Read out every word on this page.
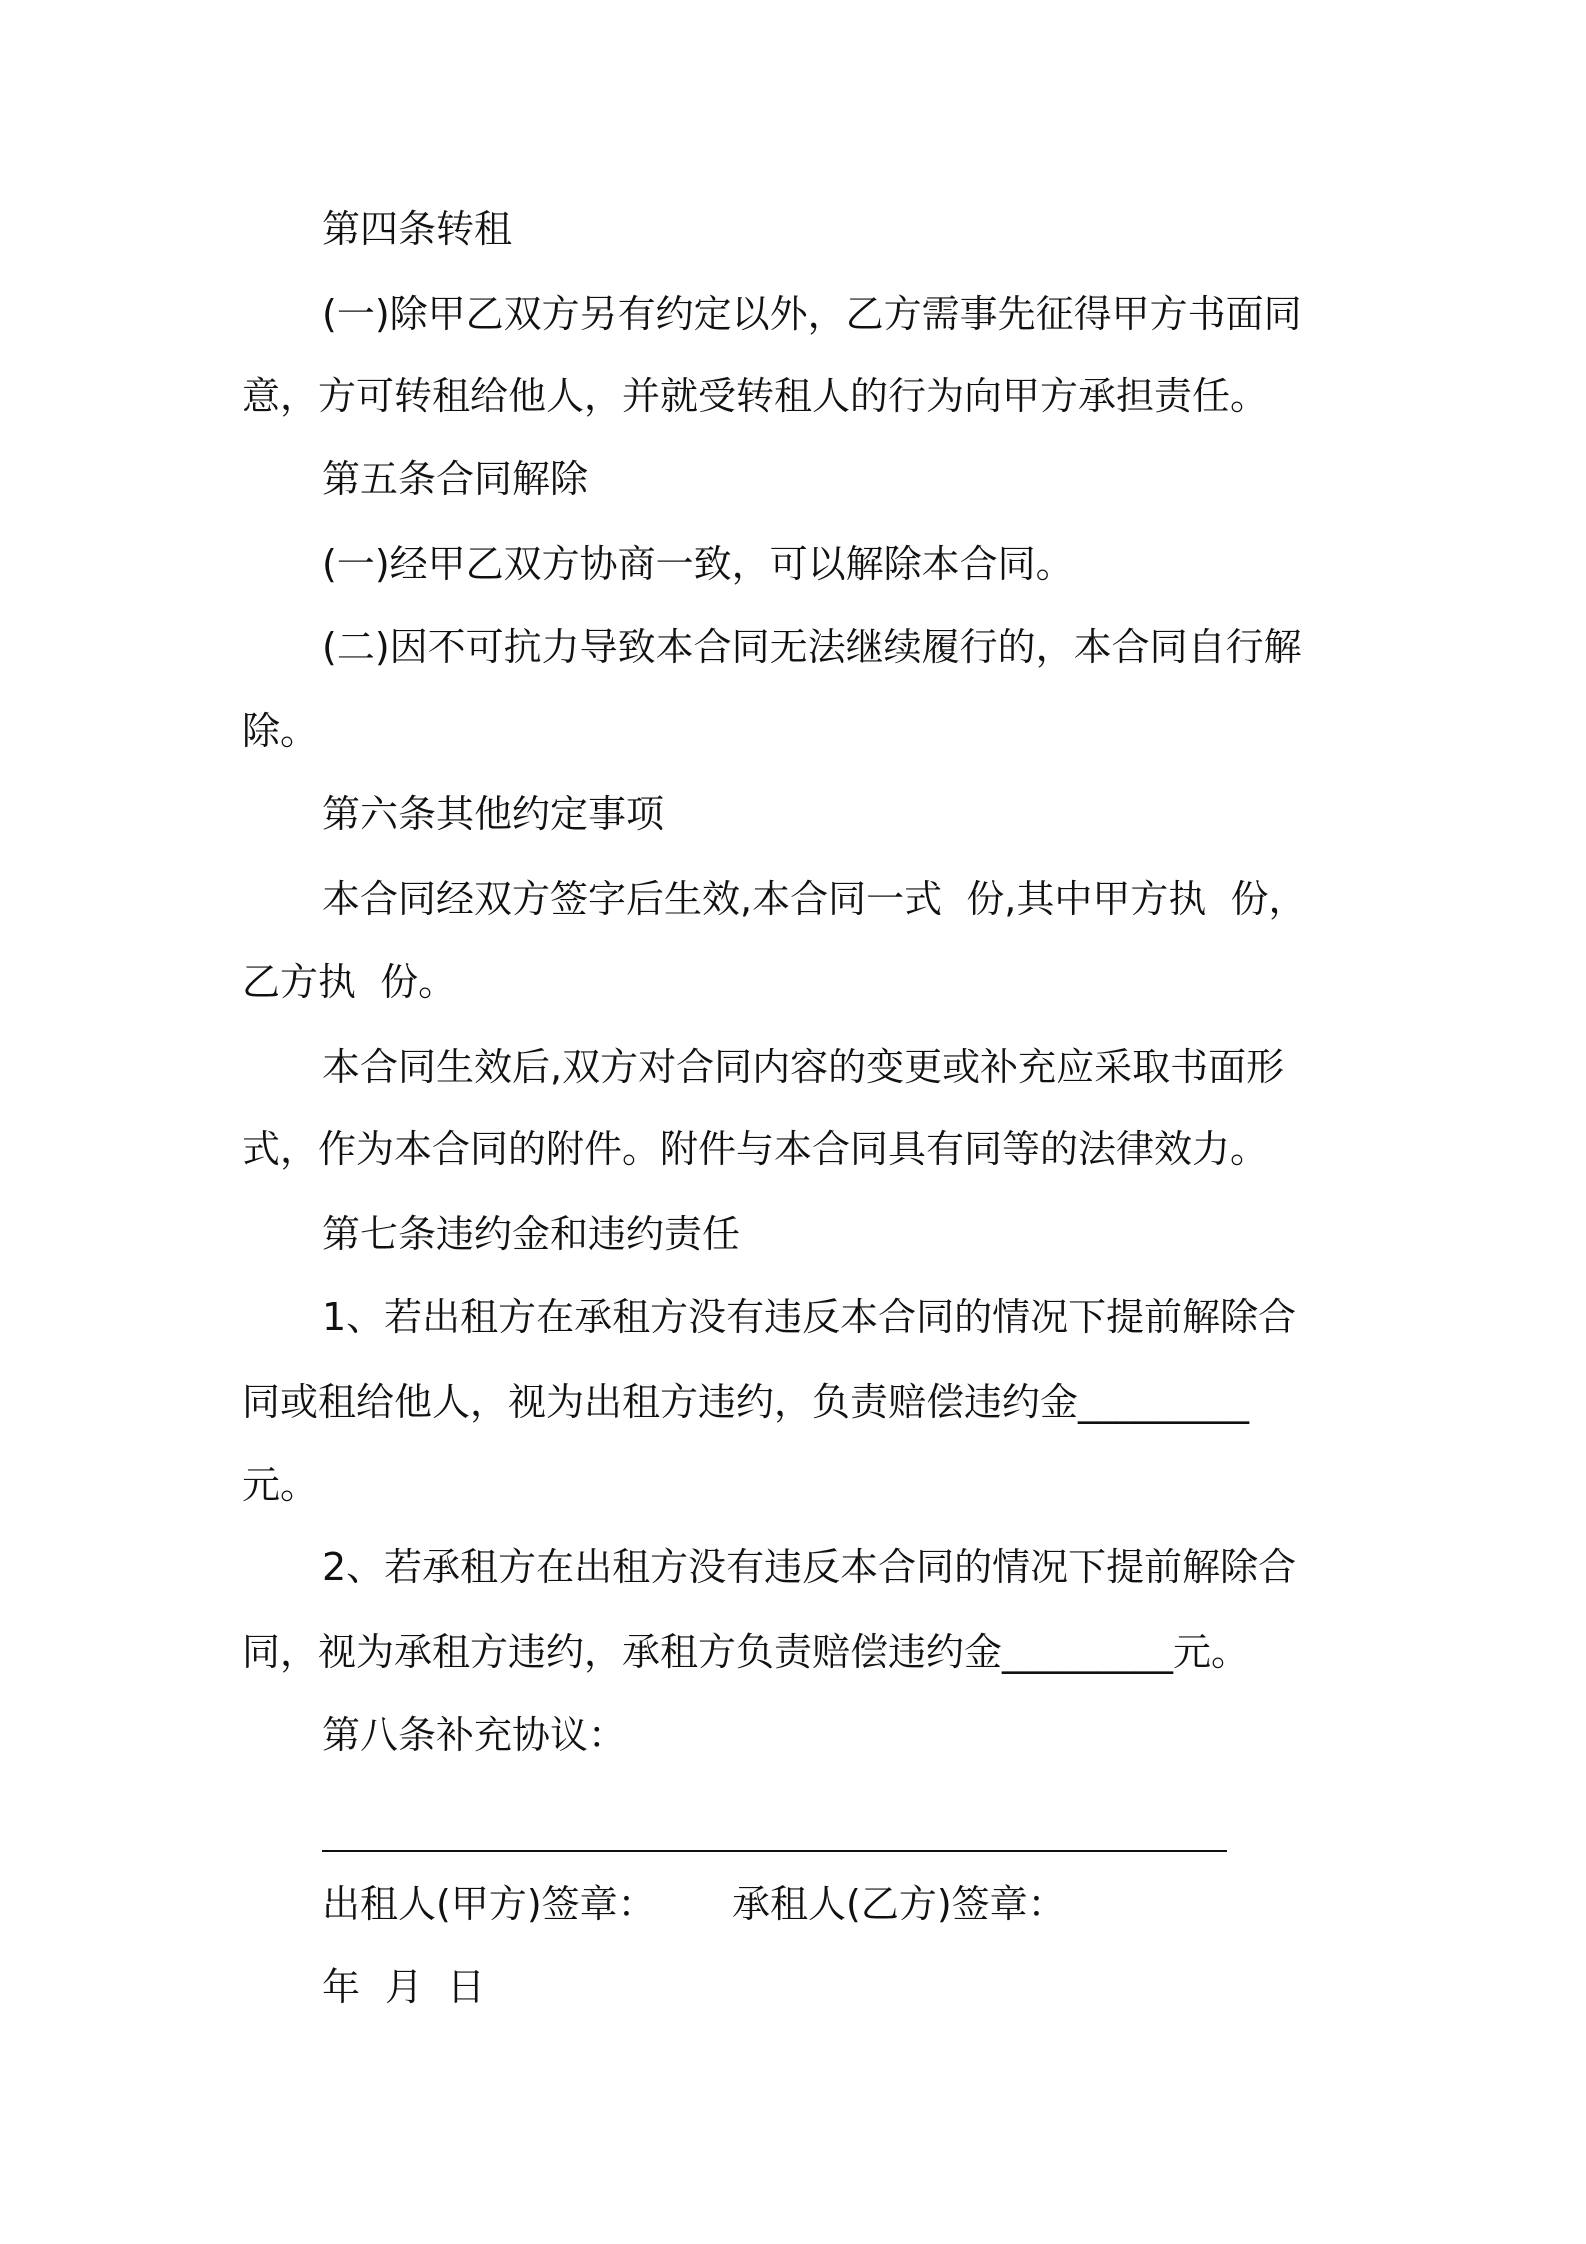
第四条转租
(一)除甲乙双方另有约定以外，乙方需事先征得甲方书面同
意，方可转租给他人，并就受转租人的行为向甲方承担责任。
第五条合同解除
(一)经甲乙双方协商一致，可以解除本合同。
(二)因不可抗力导致本合同无法继续履行的，本合同自行解
除。
第六条其他约定事项
本合同经双方签字后生效,本合同一式  份,其中甲方执  份，
乙方执  份。
本合同生效后,双方对合同内容的变更或补充应采取书面形
式，作为本合同的附件。附件与本合同具有同等的法律效力。
第七条违约金和违约责任
1、若出租方在承租方没有违反本合同的情况下提前解除合
同或租给他人，视为出租方违约，负责赔偿违约金_________
元。
2、若承租方在出租方没有违反本合同的情况下提前解除合
同，视为承租方违约，承租方负责赔偿违约金_________元。
第八条补充协议：
出租人(甲方)签章： 承租人(乙方)签章：
年 月 日
